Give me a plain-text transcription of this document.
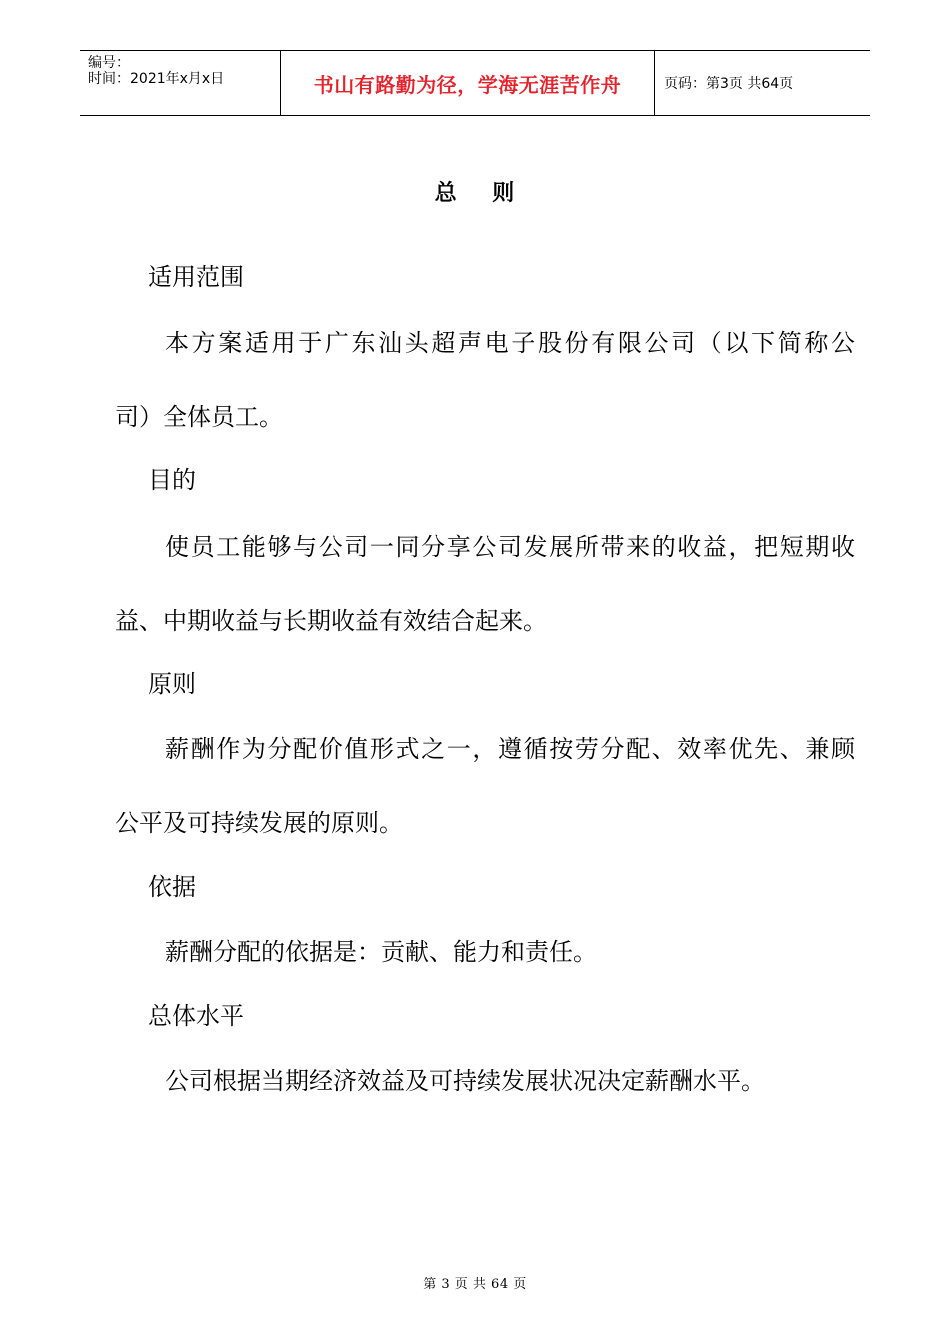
编号：
时间：2021年x月x日	书山有路勤为径，学海无涯苦作舟	页码：第3页 共64页
总    则
适用范围
本方案适用于广东汕头超声电子股份有限公司（以下简称公
司）全体员工。
目的
使员工能够与公司一同分享公司发展所带来的收益，把短期收
益、中期收益与长期收益有效结合起来。
原则
薪酬作为分配价值形式之一，遵循按劳分配、效率优先、兼顾
公平及可持续发展的原则。
依据
薪酬分配的依据是：贡献、能力和责任。
总体水平
公司根据当期经济效益及可持续发展状况决定薪酬水平。
第 3 页 共 64 页
